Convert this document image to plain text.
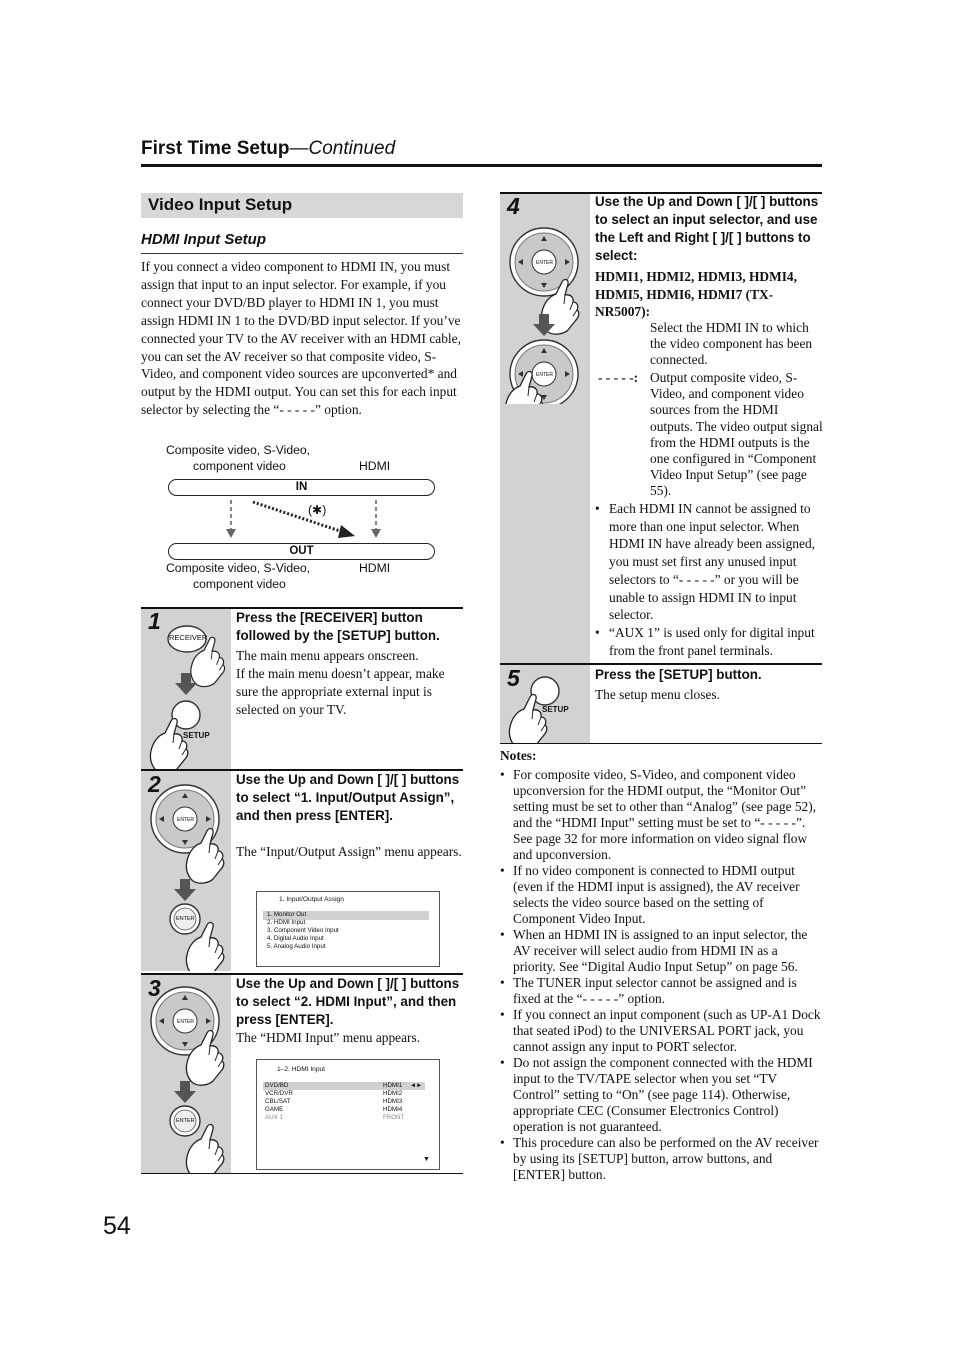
First Time Setup—Continued
Video Input Setup
HDMI Input Setup
If you connect a video component to HDMI IN, you must assign that input to an input selector. For example, if you connect your DVD/BD player to HDMI IN 1, you must assign HDMI IN 1 to the DVD/BD input selector. If you’ve connected your TV to the AV receiver with an HDMI cable, you can set the AV receiver so that composite video, S-Video, and component video sources are upconverted* and output by the HDMI output. You can set this for each input selector by selecting the “- - - - -” option.
Composite video, S-Video,
component video	HDMI
IN
(✱)
OUT
Composite video, S-Video,	HDMI
component video
RECEIVER
SETUP
1	Press the [RECEIVER] button followed by the [SETUP] button.
The main menu appears onscreen.
If the main menu doesn’t appear, make sure the appropriate external input is selected on your TV.
ENTER
ENTER
2	Use the Up and Down [ ]/[ ] buttons to select “1. Input/Output Assign”, and then press [ENTER].
The “Input/Output Assign” menu appears.
1. Input/Output Assign
1. Monitor Out
2. HDMI Input
3. Component Video Input
4. Digital Audio Input
5. Analog Audio Input
ENTER
ENTER
3	Use the Up and Down [ ]/[ ] buttons to select “2. HDMI Input”, and then press [ENTER].
The “HDMI Input” menu appears.
1–2. HDMI Input
DVD/BD	HDMI1 ◄►
VCR/DVR	HDMI2
CBL/SAT	HDMI3
GAME	HDMI4
AUX 1	FRONT
▼
ENTER
ENTER
4	Use the Up and Down [ ]/[ ] buttons to select an input selector, and use the Left and Right [ ]/[ ] buttons to select:
HDMI1, HDMI2, HDMI3, HDMI4, HDMI5, HDMI6, HDMI7 (TX-NR5007):
Select the HDMI IN to which the video component has been connected.
- - - - -: Output composite video, S-Video, and component video sources from the HDMI outputs. The video output signal from the HDMI outputs is the one configured in “Component Video Input Setup” (see page 55).
• Each HDMI IN cannot be assigned to more than one input selector. When HDMI IN have already been assigned, you must set first any unused input selectors to “- - - - -” or you will be unable to assign HDMI IN to input selector.
• “AUX 1” is used only for digital input from the front panel terminals.
SETUP
5	Press the [SETUP] button.
The setup menu closes.
Notes:
• For composite video, S-Video, and component video upconversion for the HDMI output, the “Monitor Out” setting must be set to other than “Analog” (see page 52), and the “HDMI Input” setting must be set to “- - - - -”. See page 32 for more information on video signal flow and upconversion.
• If no video component is connected to HDMI output (even if the HDMI input is assigned), the AV receiver selects the video source based on the setting of Component Video Input.
• When an HDMI IN is assigned to an input selector, the AV receiver will select audio from HDMI IN as a priority. See “Digital Audio Input Setup” on page 56.
• The TUNER input selector cannot be assigned and is fixed at the “- - - - -” option.
• If you connect an input component (such as UP-A1 Dock that seated iPod) to the UNIVERSAL PORT jack, you cannot assign any input to PORT selector.
• Do not assign the component connected with the HDMI input to the TV/TAPE selector when you set “TV Control” setting to “On” (see page 114). Otherwise, appropriate CEC (Consumer Electronics Control) operation is not guaranteed.
• This procedure can also be performed on the AV receiver by using its [SETUP] button, arrow buttons, and [ENTER] button.
54
